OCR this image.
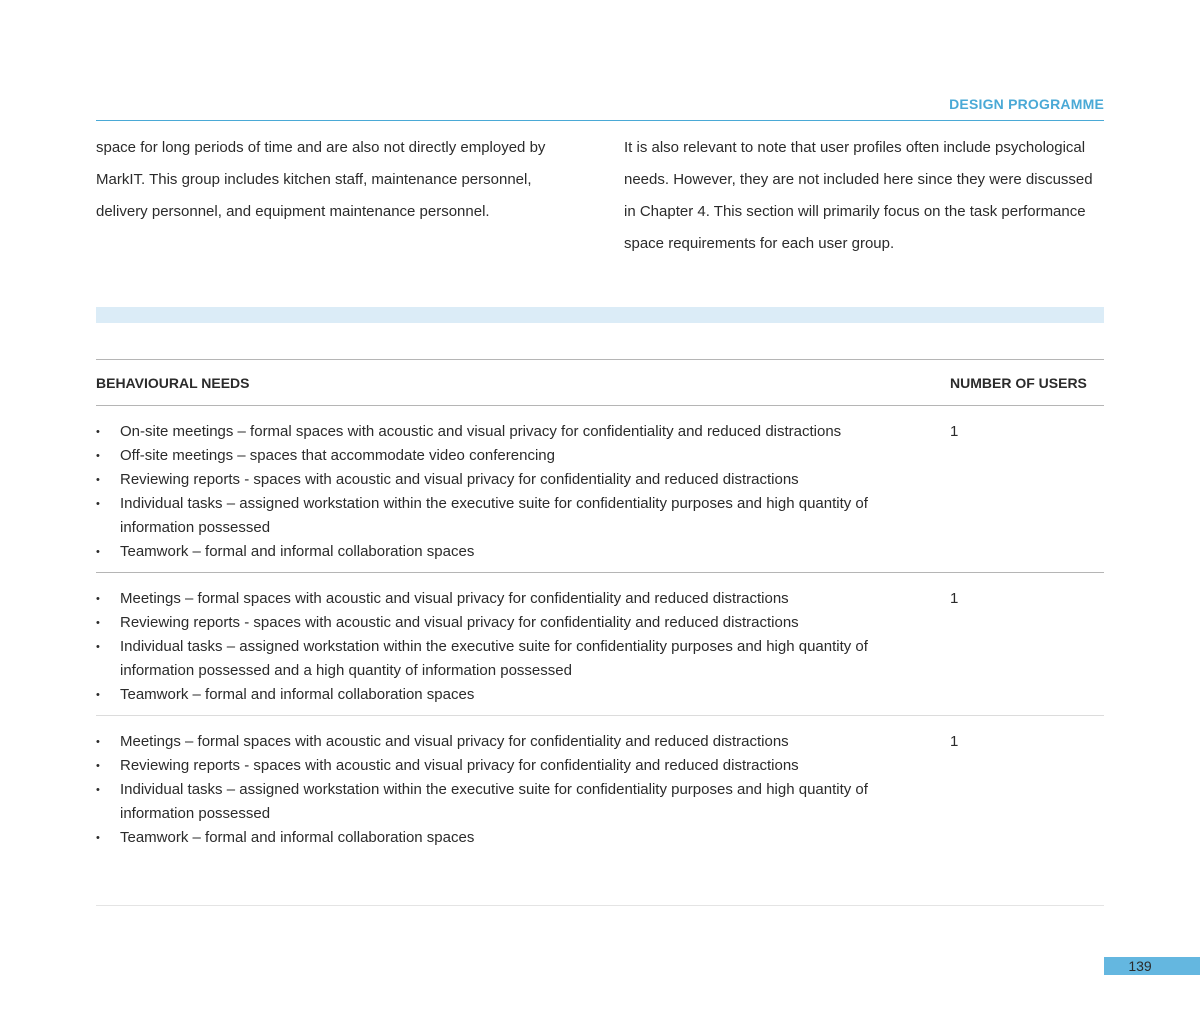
DESIGN PROGRAMME
space for long periods of time and are also not directly employed by MarkIT. This group includes kitchen staff, maintenance personnel, delivery personnel, and equipment maintenance personnel.
It is also relevant to note that user profiles often include psychological needs. However, they are not included here since they were discussed in Chapter 4. This section will primarily focus on the task performance space requirements for each user group.
BEHAVIOURAL NEEDS	NUMBER OF USERS
• On-site meetings – formal spaces with acoustic and visual privacy for confidentiality and reduced distractions
• Off-site meetings – spaces that accommodate video conferencing
• Reviewing reports - spaces with acoustic and visual privacy for confidentiality and reduced distractions
• Individual tasks – assigned workstation within the executive suite for confidentiality purposes and high quantity of information possessed
• Teamwork – formal and informal collaboration spaces
1
• Meetings – formal spaces with acoustic and visual privacy for confidentiality and reduced distractions
• Reviewing reports - spaces with acoustic and visual privacy for confidentiality and reduced distractions
• Individual tasks – assigned workstation within the executive suite for confidentiality purposes and high quantity of information possessed and a high quantity of information possessed
• Teamwork – formal and informal collaboration spaces
1
• Meetings – formal spaces with acoustic and visual privacy for confidentiality and reduced distractions
• Reviewing reports - spaces with acoustic and visual privacy for confidentiality and reduced distractions
• Individual tasks – assigned workstation within the executive suite for confidentiality purposes and high quantity of information possessed
• Teamwork – formal and informal collaboration spaces
1
139
